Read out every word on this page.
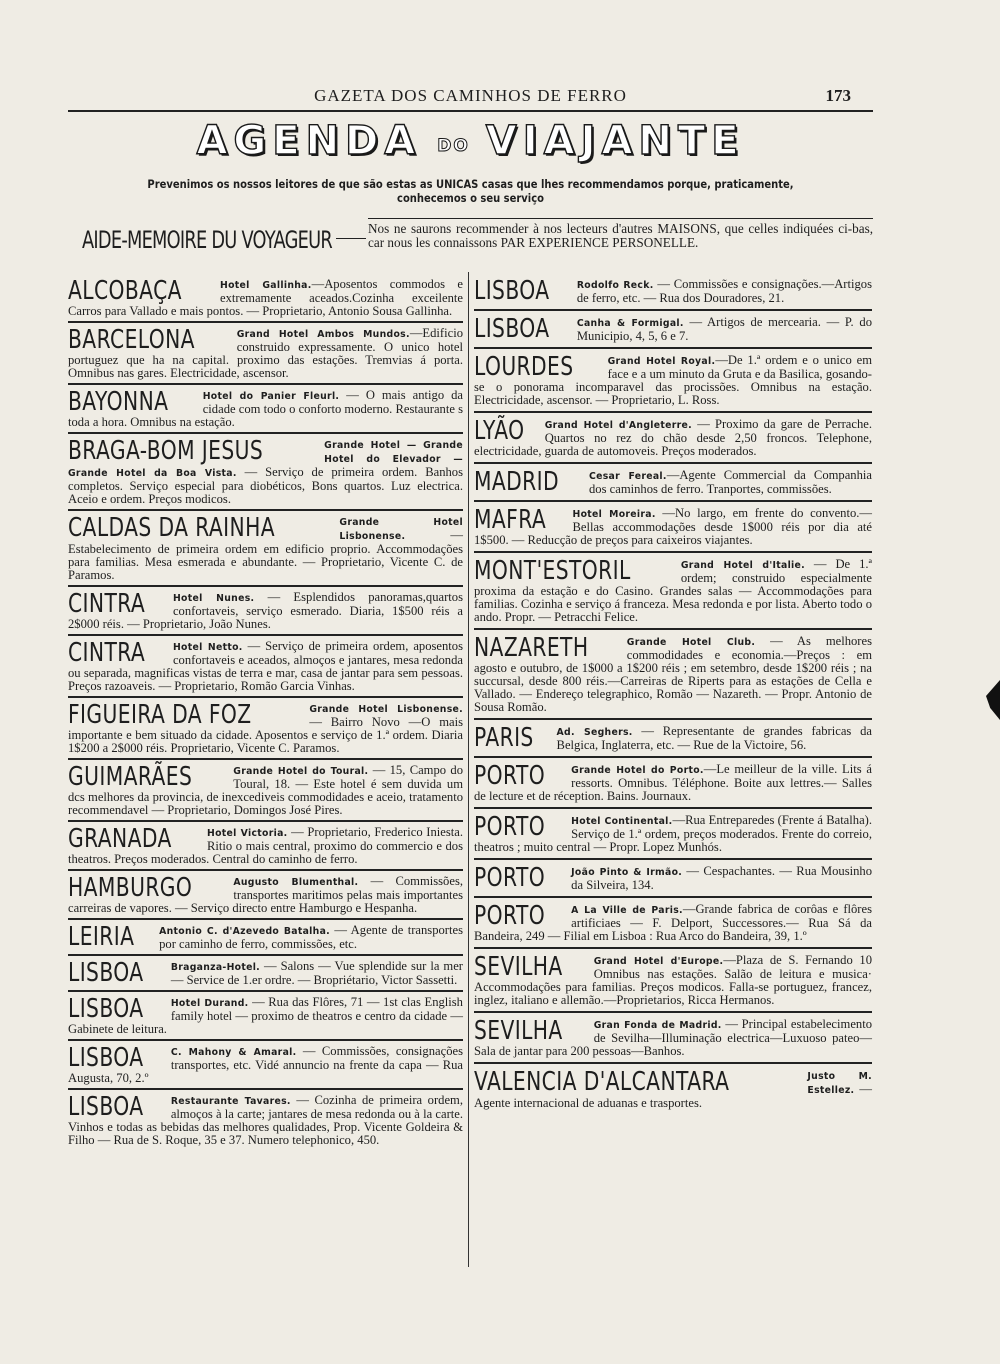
GAZETA DOS CAMINHOS DE FERRO	173
AGENDA DO VIAJANTE
Prevenimos os nossos leitores de que são estas as UNICAS casas que lhes recommendamos porque, praticamente, conhecemos o seu serviço
AIDE-MEMOIRE DU VOYAGEUR	Nos ne saurons recommender à nos lecteurs d'autres MAISONS, que celles indiquées ci-bas, car nous les connaissons PAR EXPERIENCE PERSONELLE.
ALCOBAÇA	Hotel Gallinha.—Aposentos commodos e extremamente aceados.Cozinha exceilente Carros para Vallado e mais pontos. — Proprietario, Antonio Sousa Gallinha.
BARCELONA	Grand Hotel Ambos Mundos.—Edificio construido expressamente. O unico hotel portuguez que ha na capital. proximo das estações. Tremvias á porta. Omnibus nas gares. Electricidade, ascensor.
BAYONNA	Hotel do Panier Fleurl. — O mais antigo da cidade com todo o conforto moderno. Restaurante s toda a hora. Omnibus na estação.
BRAGA-BOM JESUS	Grande Hotel — Grande Hotel do Elevador — Grande Hotel da Boa Vista. — Serviço de primeira ordem. Banhos completos. Serviço especial para diobéticos, Bons quartos. Luz electrica. Aceio e ordem. Preços modicos.
CALDAS DA RAINHA	Grande Hotel Lisbonense. — Estabelecimento de primeira ordem em edificio proprio. Accommodações para familias. Mesa esmerada e abundante. — Proprietario, Vicente C. de Paramos.
CINTRA	Hotel Nunes. — Esplendidos panoramas,quartos confortaveis, serviço esmerado. Diaria, 1$500 réis a 2$000 réis. — Proprietario, João Nunes.
CINTRA	Hotel Netto. — Serviço de primeira ordem, aposentos confortaveis e aceados, almoços e jantares, mesa redonda ou separada, magnificas vistas de terra e mar, casa de jantar para sem pessoas. Preços razoaveis. — Proprietario, Romão Garcia Vinhas.
FIGUEIRA DA FOZ	Grande Hotel Lisbonense. — Bairro Novo —O mais importante e bem situado da cidade. Aposentos e serviço de 1.ª ordem. Diaria 1$200 a 2$000 réis. Proprietario, Vicente C. Paramos.
GUIMARÃES	Grande Hotel do Toural. — 15, Campo do Toural, 18. — Este hotel é sem duvida um dcs melhores da provincia, de inexcediveis commodidades e aceio, tratamento recommendavel — Proprietario, Domingos José Pires.
GRANADA	Hotel Victoria. — Proprietario, Frederico Iniesta. Ritio o mais central, proximo do commercio e dos theatros. Preços moderados. Central do caminho de ferro.
HAMBURGO	Augusto Blumenthal. — Commissões, transportes maritimos pelas mais importantes carreiras de vapores. — Serviço directo entre Hamburgo e Hespanha.
LEIRIA	Antonio C. d'Azevedo Batalha. — Agente de transportes por caminho de ferro, commissões, etc.
LISBOA	Braganza-Hotel. — Salons — Vue splendide sur la mer — Service de 1.er ordre. — Bropriétario, Victor Sassetti.
LISBOA	Hotel Durand. — Rua das Flôres, 71 — 1st clas English family hotel — proximo de theatros e centro da cidade — Gabinete de leitura.
LISBOA	C. Mahony & Amaral. — Commissões, consignações transportes, etc. Vidé annuncio na frente da capa — Rua Augusta, 70, 2.º
LISBOA	Restaurante Tavares. — Cozinha de primeira ordem, almoços à la carte; jantares de mesa redonda ou à la carte. Vinhos e todas as bebidas das melhores qualidades, Prop. Vicente Goldeira & Filho — Rua de S. Roque, 35 e 37. Numero telephonico, 450.
LISBOA	Rodolfo Reck. — Commissões e consignações.—Artigos de ferro, etc. — Rua dos Douradores, 21.
LISBOA	Canha & Formigal. — Artigos de mercearia. — P. do Municipio, 4, 5, 6 e 7.
LOURDES	Grand Hotel Royal.—De 1.ª ordem e o unico em face e a um minuto da Gruta e da Basilica, gosando-se o ponorama incomparavel das procissões. Omnibus na estação. Electricidade, ascensor. — Proprietario, L. Ross.
LYÃO Grand Hotel d'Angleterre. — Proximo da gare de Perrache. Quartos no rez do chão desde 2,50 froncos. Telephone, electricidade, guarda de automoveis. Preços moderados.
MADRID	Cesar Fereal.—Agente Commercial da Companhia dos caminhos de ferro. Tranportes, commissões.
MAFRA	Hotel Moreira. —No largo, em frente do convento.— Bellas accommodações desde 1$000 réis por dia até 1$500. — Reducção de preços para caixeiros viajantes.
MONT'ESTORIL	Grand Hotel d'Italie. — De 1.ª ordem; construido especialmente proxima da estação e do Casino. Grandes salas — Accommodações para familias. Cozinha e serviço á franceza. Mesa redonda e por lista. Aberto todo o ando. Propr. — Petracchi Felice.
NAZARETH	Grande Hotel Club. — As melhores commodidades e economia.—Preços : em agosto e outubro, de 1$000 a 1$200 réis ; em setembro, desde 1$200 réis ; na succursal, desde 800 réis.—Carreiras de Riperts para as estações de Cella e Vallado. — Endereço telegraphico, Romão — Nazareth. — Propr. Antonio de Sousa Romão.
PARIS Ad. Seghers. — Representante de grandes fabricas da Belgica, Inglaterra, etc. — Rue de la Victoire, 56.
PORTO	Grande Hotel do Porto.—Le meilleur de la ville. Lits á ressorts. Omnibus. Téléphone. Boite aux lettres.— Salles de lecture et de réception. Bains. Journaux.
PORTO	Hotel Continental.—Rua Entreparedes (Frente á Batalha). Serviço de 1.ª ordem, preços moderados. Frente do correio, theatros ; muito central — Propr. Lopez Munhós.
PORTO	João Pinto & Irmão. — Cespachantes. — Rua Mousinho da Silveira, 134.
PORTO	A La Ville de Paris.—Grande fabrica de corôas e flôres artificiaes — F. Delport, Successores.— Rua Sá da Bandeira, 249 — Filial em Lisboa : Rua Arco do Bandeira, 39, 1.º
SEVILHA	Grand Hotel d'Europe.—Plaza de S. Fernando 10 Omnibus nas estações. Salão de leitura e musica· Accommodações para familias. Preços modicos. Falla-se portuguez, francez, inglez, italiano e allemão.—Proprietarios, Ricca Hermanos.
SEVILHA	Gran Fonda de Madrid. — Principal estabelecimento de Sevilha—Illuminação electrica—Luxuoso pateo—Sala de jantar para 200 pessoas—Banhos.
VALENCIA D'ALCANTARA	Justo M. Estellez. — Agente internacional de aduanas e trasportes.
